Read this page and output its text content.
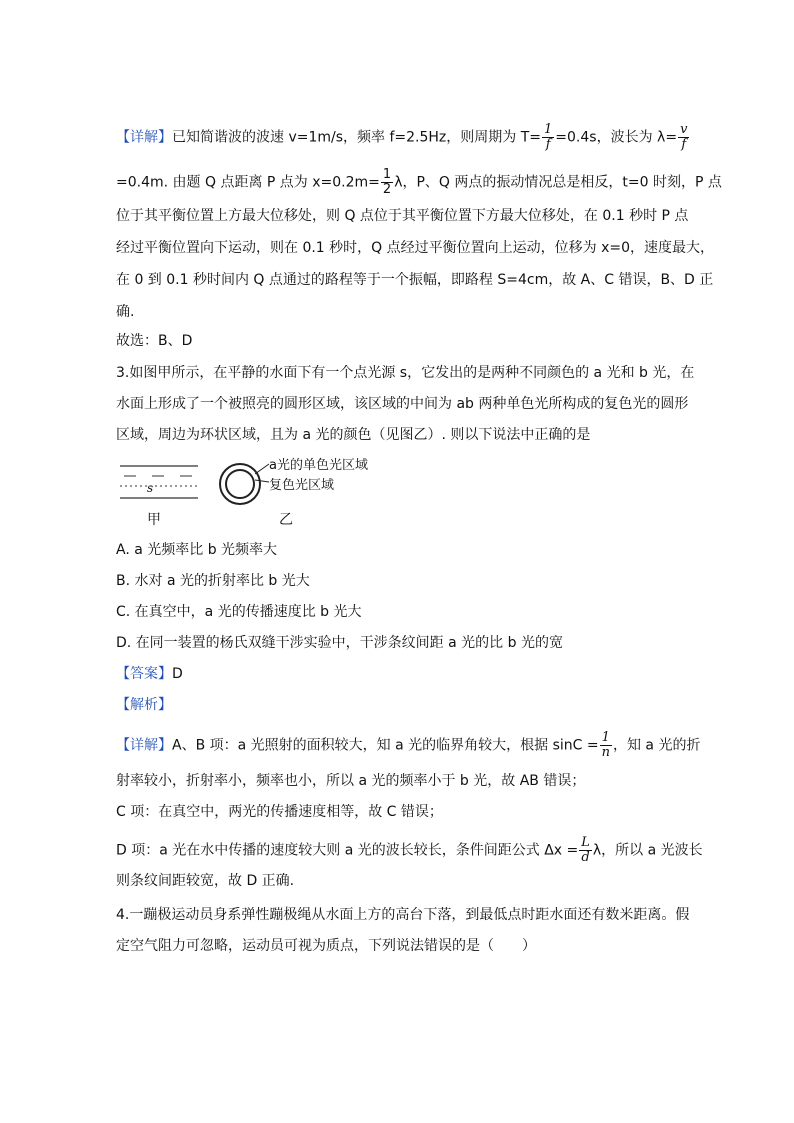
【详解】已知简谐波的波速 v=1m/s，频率 f=2.5Hz，则周期为 $T= \frac{1}{f} =0.4s$，波长为 $\lambda= \frac{v}{f}$
=0.4m. 由题 Q 点距离 P 点为 $x=0.2m= \frac{1}{2}$ λ，P、Q 两点的振动情况总是相反，t=0 时刻，P 点
位于其平衡位置上方最大位移处，则 Q 点位于其平衡位置下方最大位移处，在 0.1 秒时 P 点
经过平衡位置向下运动，则在 0.1 秒时，Q 点经过平衡位置向上运动，位移为 x=0，速度最大，
在 0 到 0.1 秒时间内 Q 点通过的路程等于一个振幅，即路程 S=4cm，故 A、C 错误，B、D 正
确.
故选：B、D
3.如图甲所示，在平静的水面下有一个点光源 s，它发出的是两种不同颜色的 a 光和 b 光，在
水面上形成了一个被照亮的圆形区域，该区域的中间为 ab 两种单色光所构成的复色光的圆形
区域，周边为环状区域，且为 a 光的颜色（见图乙）. 则以下说法中正确的是
s
甲
a光的单色光区域
复色光区域
乙
A. a 光频率比 b 光频率大
B. 水对 a 光的折射率比 b 光大
C. 在真空中，a 光的传播速度比 b 光大
D. 在同一装置的杨氏双缝干涉实验中，干涉条纹间距 a 光的比 b 光的宽
【答案】D
【解析】
【详解】A、B 项：a 光照射的面积较大，知 a 光的临界角较大，根据 $\sin C = \frac{1}{n}$ ，知 a 光的折
射率较小，折射率小，频率也小，所以 a 光的频率小于 b 光，故 AB 错误；
C 项：在真空中，两光的传播速度相等，故 C 错误；
D 项：a 光在水中传播的速度较大则 a 光的波长较长，条件间距公式 $\Delta x = \frac{L}{d}$ λ，所以 a 光波长
则条纹间距较宽，故 D 正确.
4.一蹦极运动员身系弹性蹦极绳从水面上方的高台下落，到最低点时距水面还有数米距离。假
定空气阻力可忽略，运动员可视为质点，下列说法错误的是（　　）
